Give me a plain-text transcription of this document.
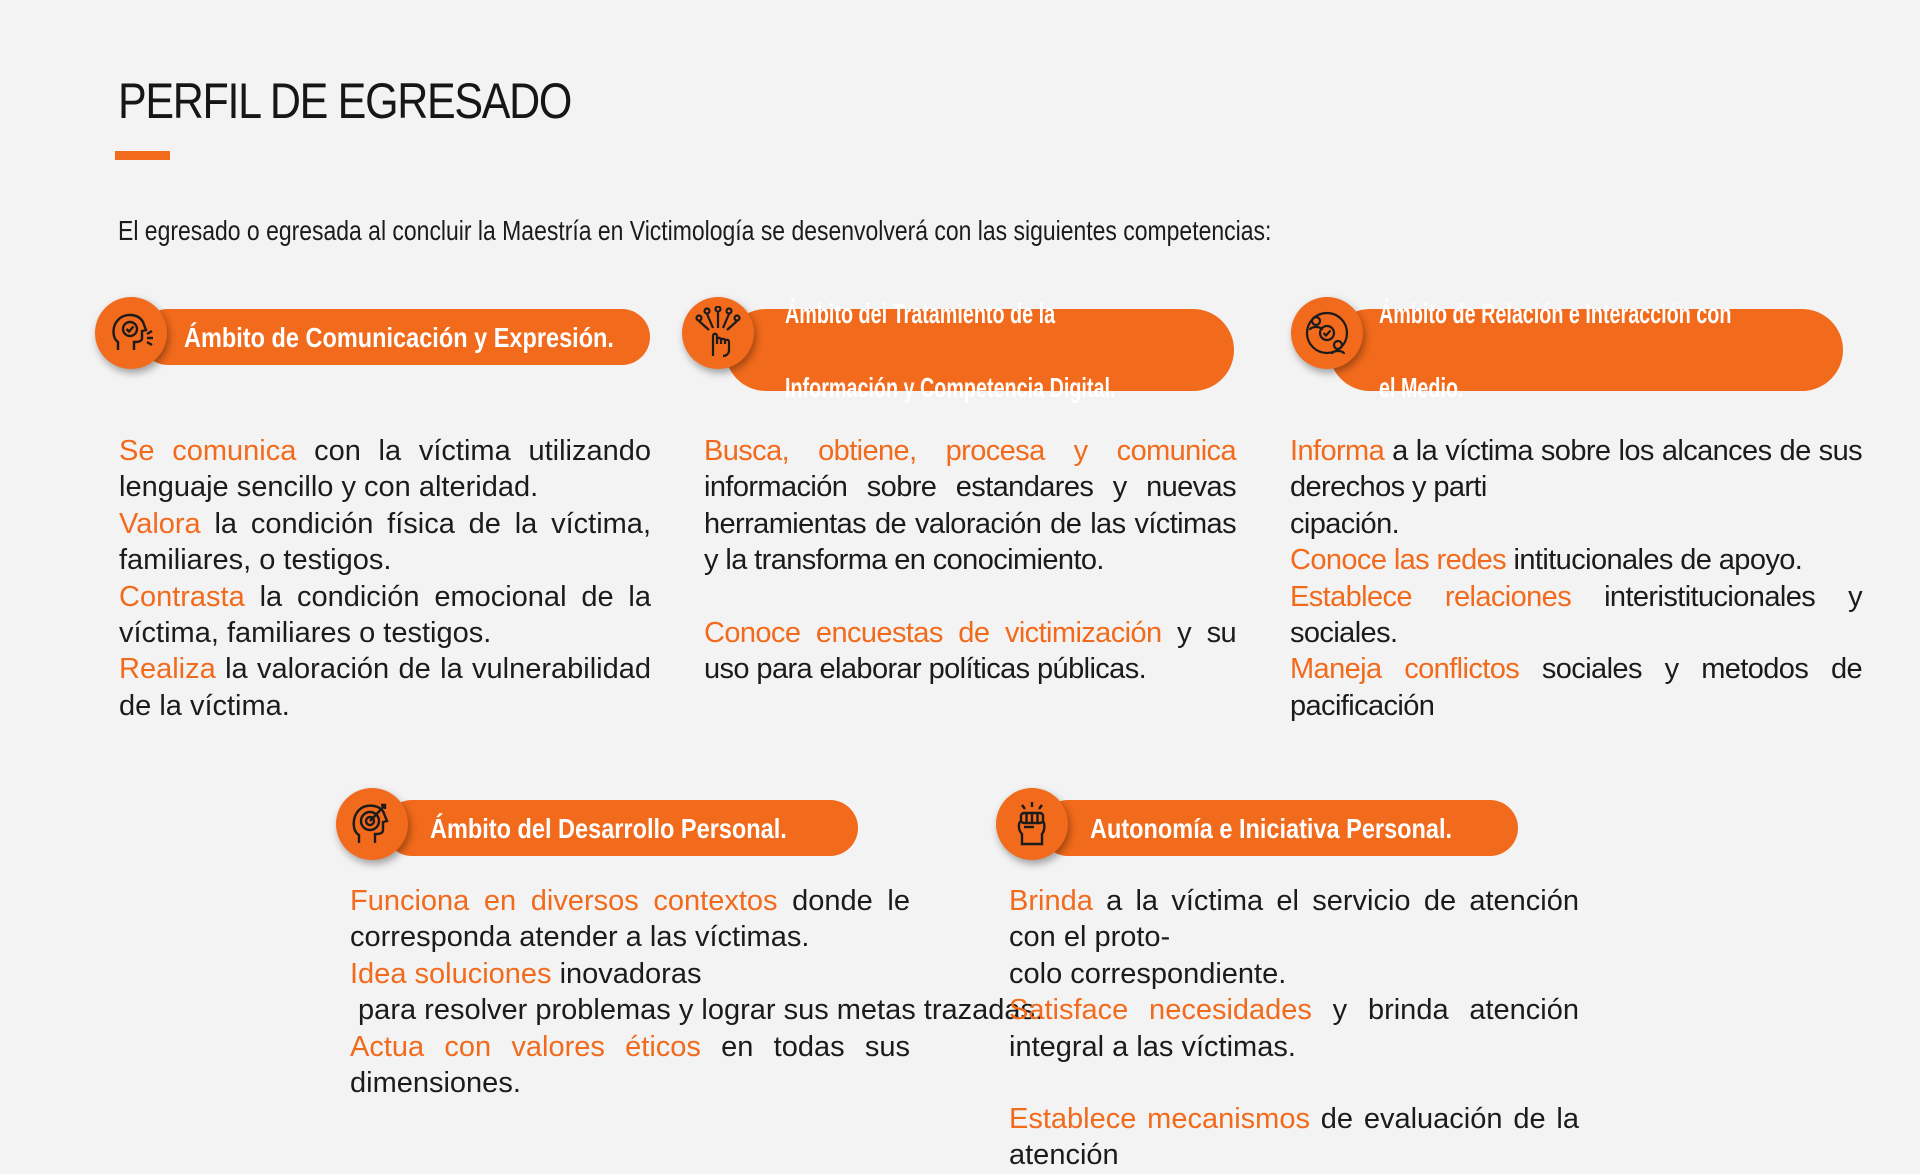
PERFIL DE EGRESADO
El egresado o egresada al concluir la Maestría en Victimología se desenvolverá con las siguientes competencias:
Ámbito de Comunicación y Expresión.

Se comunica con la víctima utilizando lenguaje sencillo y con alteridad.

Valora la condición física de la víctima, familiares, o testigos.

Contrasta la condición emocional de la víctima, familiares o testigos.

Realiza la valoración de la vulnerabilidad de la víctima.

Ámbito del Tratamiento de la

Información y Competencia Digital.

Busca, obtiene, procesa y comunica información sobre estandares y nuevas herramientas de valoración de las víctimas y la transforma en conocimiento.

Conoce encuestas de victimización y su uso para elaborar políticas públicas.

Ámbito de Relación e Interacción con

el Medio.

Informa a la víctima sobre los alcances de sus derechos y parti

cipación.

Conoce las redes intitucionales de apoyo.

Establece relaciones interistitucionales y sociales.

Maneja conflictos sociales y metodos de pacificación

Ámbito del Desarrollo Personal.

Funciona en diversos contextos donde le corresponda atender a las víctimas.

Idea soluciones inovadoras

para resolver problemas y lograr sus metas trazadas.

Actua con valores éticos en todas sus dimensiones.

Autonomía e Iniciativa Personal.

Brinda a la víctima el servicio de atención con el proto-

colo correspondiente.

Satisface necesidades y brinda atención integral a las víctimas.

Establece mecanismos de evaluación de la atención
